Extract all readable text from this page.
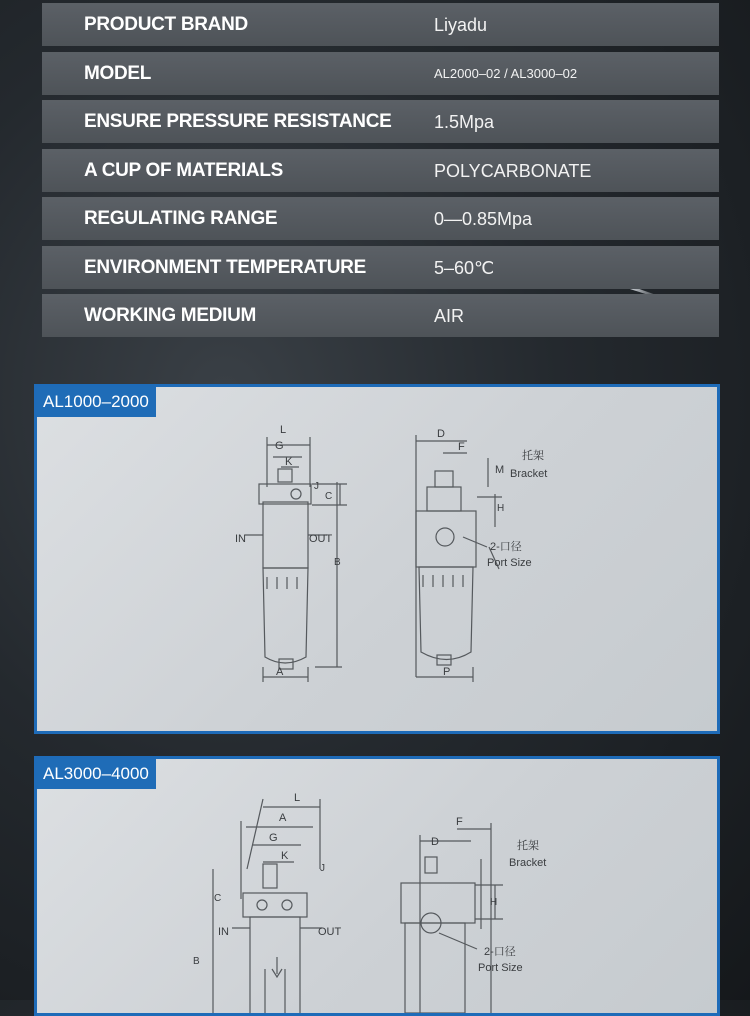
PRODUCT BRAND	Liyadu
MODEL	AL2000–02 / AL3000–02
ENSURE PRESSURE RESISTANCE 1.5Mpa
A CUP OF MATERIALS	POLYCARBONATE
REGULATING RANGE	0—0.85Mpa
ENVIRONMENT TEMPERATURE	5–60℃
WORKING MEDIUM	AIR
L
G
K
J
C
IN	OUT
B
A
D
F
托架
M Bracket
H
2-口径
Port Size
P
AL1000–2000
L
A
G
K
J
C
IN	OUT
B
D
F
托架
Bracket
H
2-口径
Port Size
AL3000–4000
